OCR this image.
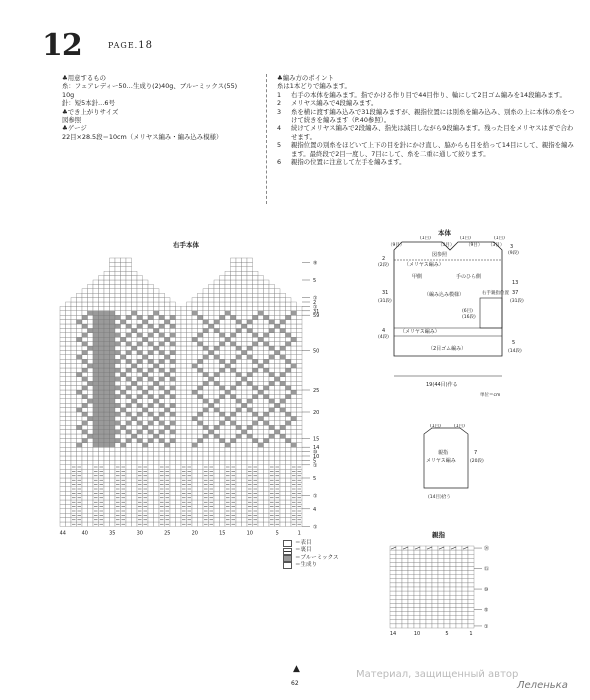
12	PAGE.18
♣用意するもの
糸：フェアレディー50…生成り(2)40g、ブルーミックス(55)
10g
針：短5本針…6号
♣でき上がりサイズ
図参照
♣ゲージ
22目×28.5段＝10cm（メリヤス編み・編み込み模様）
♣編み方のポイント
糸は1本どりで編みます。
1	右手の本体を編みます。指でかける作り目で44目作り、輪にして2目ゴム編みを14段編みます。
2	メリヤス編みで4段編みます。
3	糸を横に渡す編み込みで31段編みますが、親指位置には別糸を編み込み、別糸の上に本体の糸をつけて続きを編みます（P.40参照）。
4	続けてメリヤス編みで2段編み、指先は減目しながら9段編みます。残った目をメリヤスはぎで合わせます。
5	親指位置の別糸をほどいて上下の目を針にかけ直し、脇からも目を拾って14目にして、親指を編みます。最終段で2目一度し、7目にして、糸を二重に通して絞ります。
6	親指の位置に注意して左手を編みます。
44	40	35	30	25	20	15	10	5	1
⑨
5
①
2
①
31
59
50
25
20
15
10
5
①
4
①
14
⑩
5
①
右手本体
＝表目
＝裏目
＝ブルーミックス
＝生成り
(1目)	(1目)	(1目)
（9目）	（3目）	（9目） （3目）
図参照
2
(2段)
3
(9段)
（メリヤス編み）
甲側	手のひら側
（編み込み模様）	右手親指位置
13
37
(31段)
(6目)
(16段)
31
(31段)
4
(4段)
（メリヤス編み）
5
(14段)
（2目ゴム編み）
19(44目)作る
単位＝cm
本体
(1目)	(1目)
親指
メリヤス編み
7
(20段)
(14目)拾う
親指
14	10	5	1
⑳
⑮
⑩
⑤
①
▲
62
Материал, защищенный автор
Леленька
